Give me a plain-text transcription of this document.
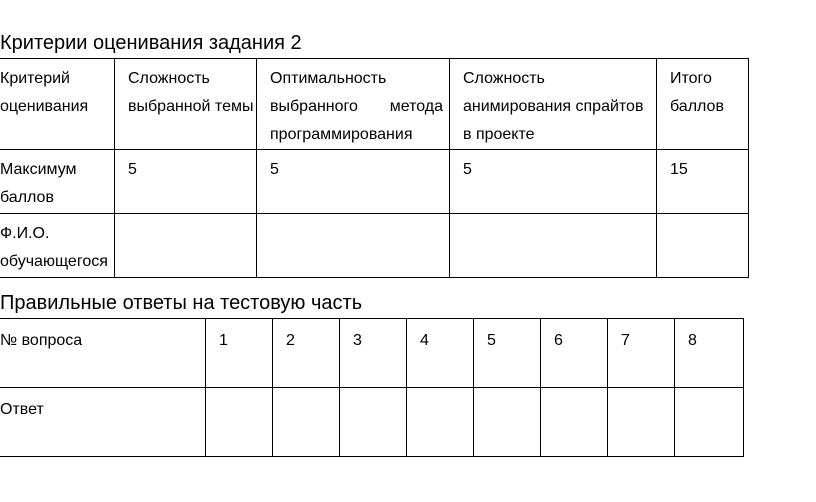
Критерии оценивания задания 2
Критерий оценивания	Сложность выбранной темы	Оптимальность выбранного метода программирования	Сложность анимирования спрайтов в проекте	Итого баллов
Максимум баллов	5	5	5	15
Ф.И.О. обучающегося				
Правильные ответы на тестовую часть
№ вопроса	1	2	3	4	5	6	7	8
Ответ								
